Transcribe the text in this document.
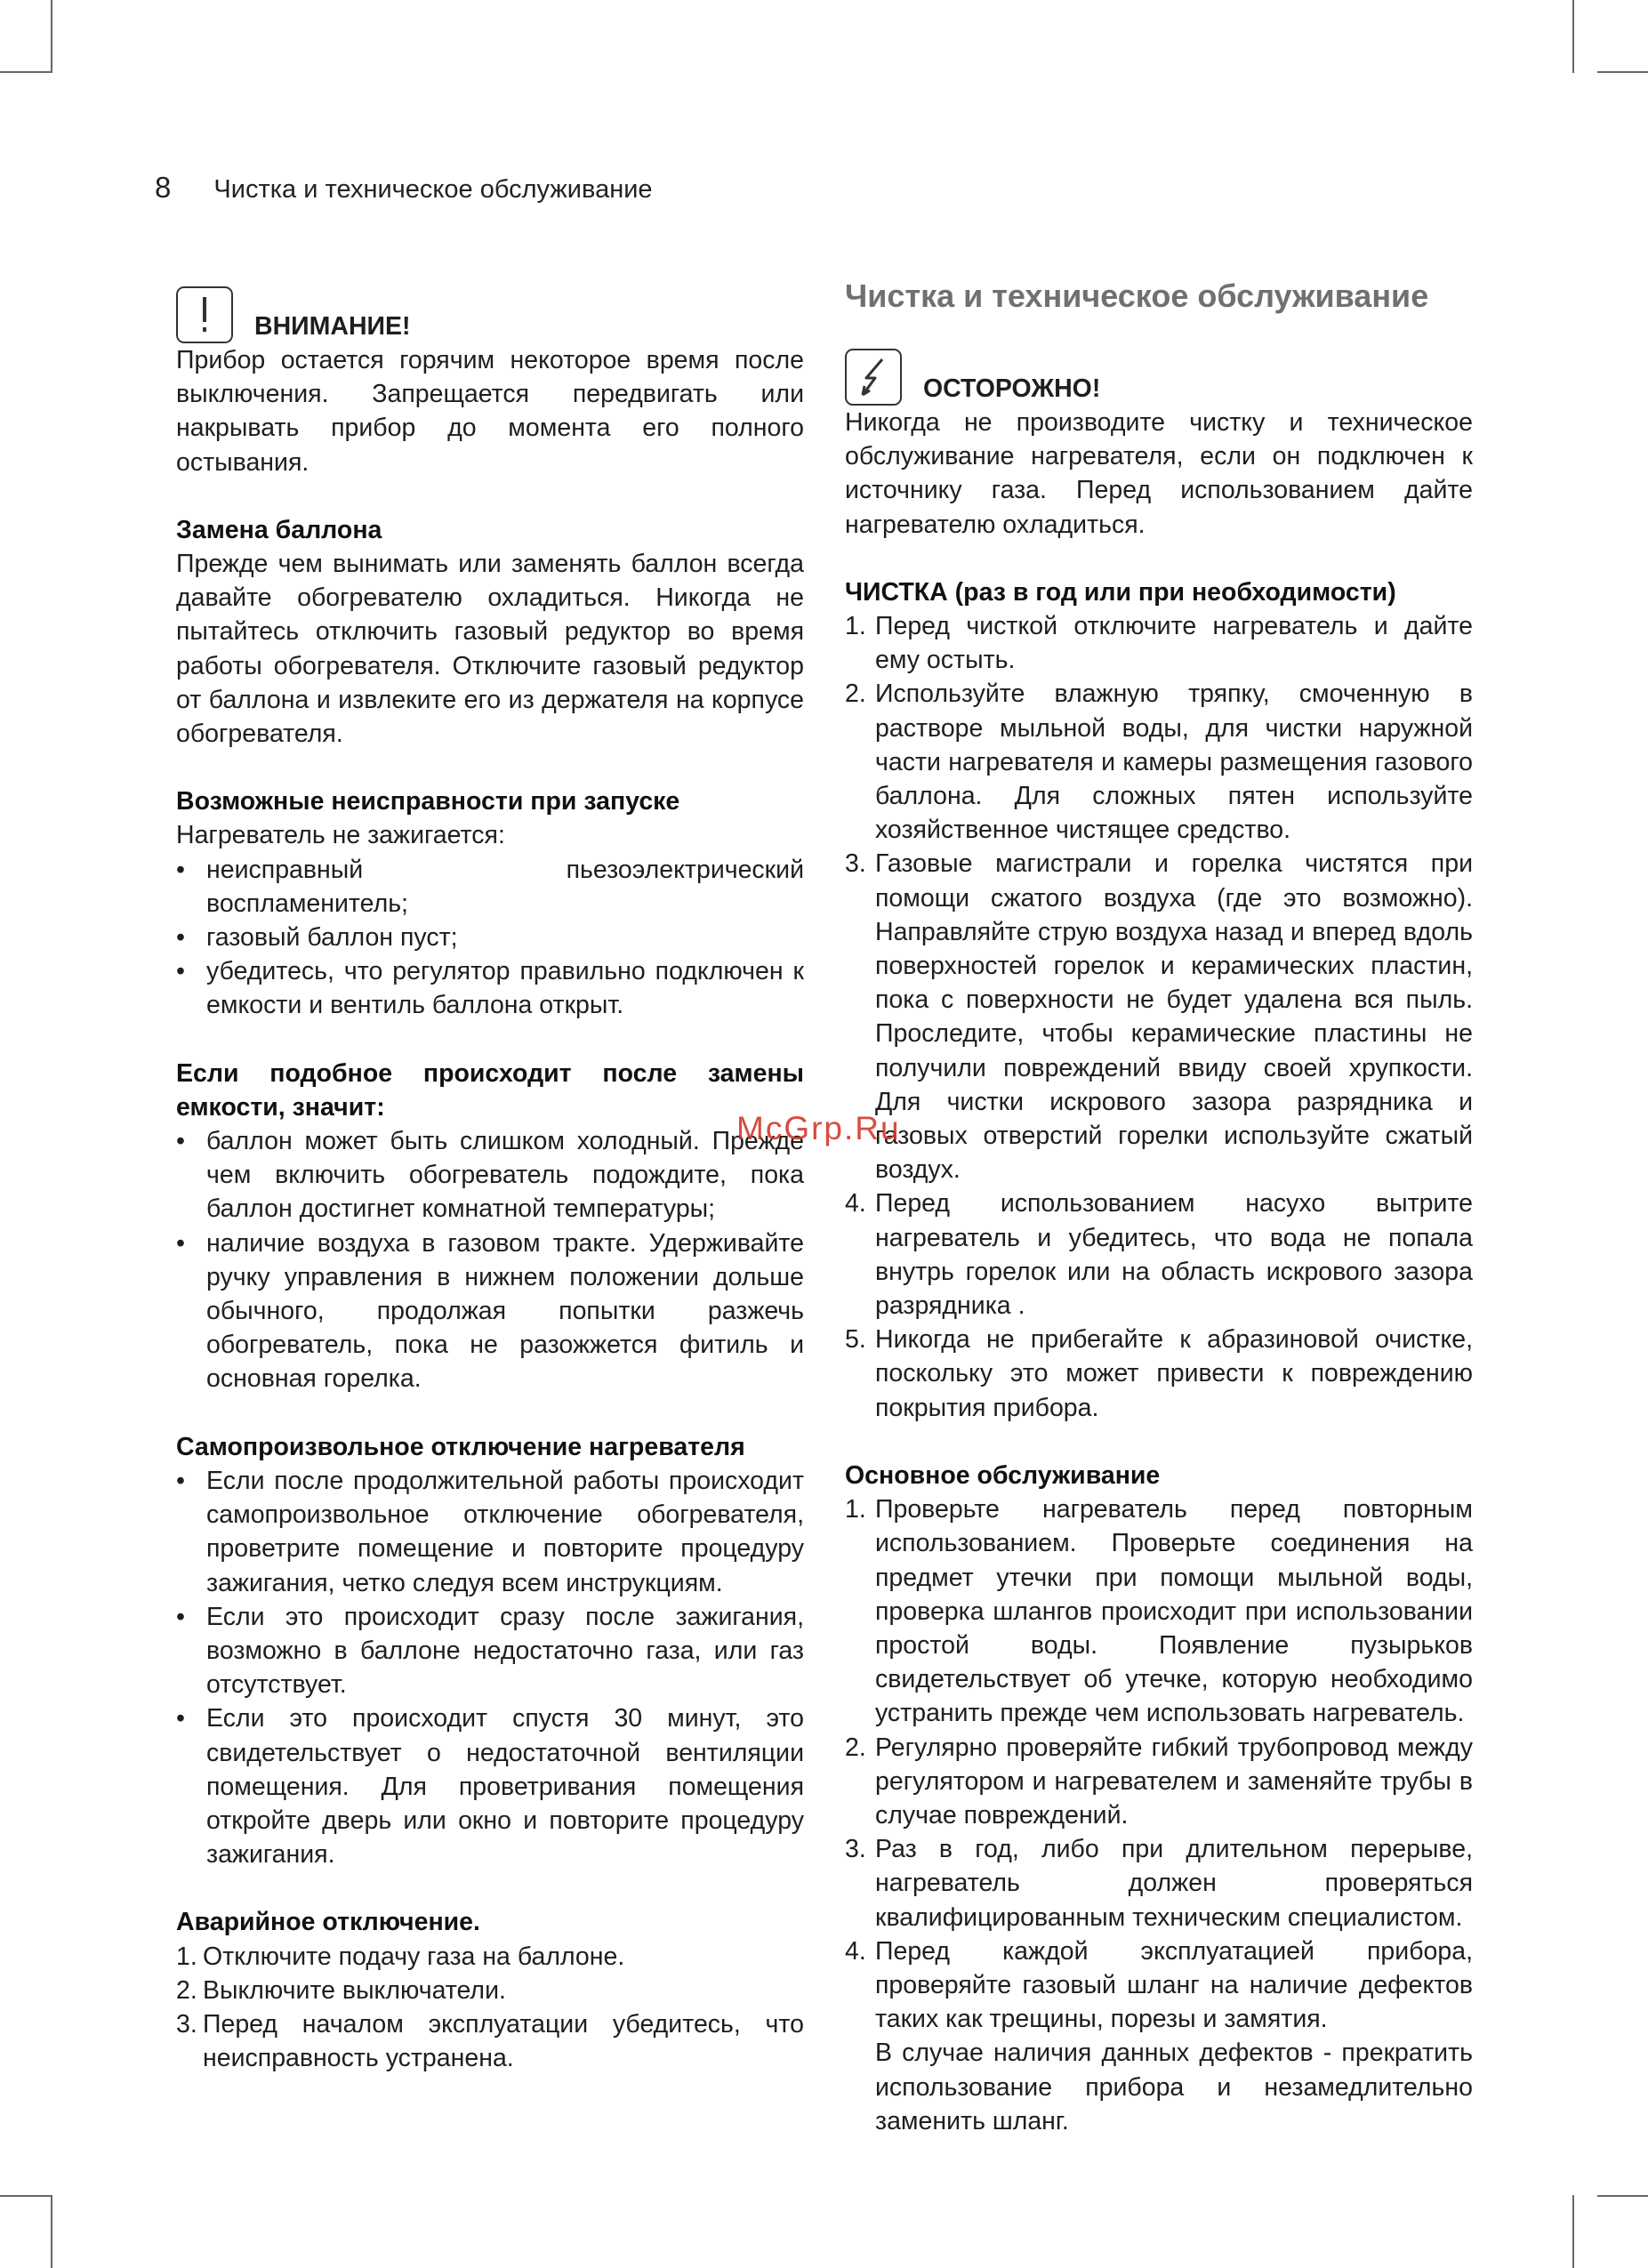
8 Чистка и техническое обслуживание
ВНИМАНИЕ!

Прибор остается горячим некоторое время после выключения. Запрещается передвигать или накрывать прибор до момента его полного остывания.

Замена баллона

Прежде чем вынимать или заменять баллон всегда давайте обогревателю охладиться. Никогда не пытайтесь отключить газовый редуктор во время работы обогревателя. Отключите газовый редуктор от баллона и извлеките его из держателя на корпусе обогревателя.

Возможные неисправности при запуске

Нагреватель не зажигается:

• неисправный пьезоэлектрический воспламенитель;
• газовый баллон пуст;
• убедитесь, что регулятор правильно подключен к емкости и вентиль баллона открыт.

Если подобное происходит после замены емкости, значит:

• баллон может быть слишком холодный. Прежде чем включить обогреватель подождите, пока баллон достигнет комнатной температуры;
• наличие воздуха в газовом тракте. Удерживайте ручку управления в нижнем положении дольше обычного, продолжая попытки разжечь обогреватель, пока не разожжется фитиль и основная горелка.

Самопроизвольное отключение нагревателя

• Если после продолжительной работы происходит самопроизвольное отключение обогревателя, проветрите помещение и повторите процедуру зажигания, четко следуя всем инструкциям.
• Если это происходит сразу после зажигания, возможно в баллоне недостаточно газа, или газ отсутствует.
• Если это происходит спустя 30 минут, это свидетельствует о недостаточной вентиляции помещения. Для проветривания помещения откройте дверь или окно и повторите процедуру зажигания.

Аварийное отключение.

1. Отключите подачу газа на баллоне.
2. Выключите выключатели.
3. Перед началом эксплуатации убедитесь, что неисправность устранена.

Чистка и техническое обслуживание

ОСТОРОЖНО!

Никогда не производите чистку и техническое обслуживание нагревателя, если он подключен к источнику газа. Перед использованием дайте нагревателю охладиться.

ЧИСТКА (раз в год или при необходимости)

1. Перед чисткой отключите нагреватель и дайте ему остыть.
2. Используйте влажную тряпку, смоченную в растворе мыльной воды, для чистки наружной части нагревателя и камеры размещения газового баллона. Для сложных пятен используйте хозяйственное чистящее средство.
3. Газовые магистрали и горелка чистятся при помощи сжатого воздуха (где это возможно). Направляйте струю воздуха назад и вперед вдоль поверхностей горелок и керамических пластин, пока с поверхности не будет удалена вся пыль. Проследите, чтобы керамические пластины не получили повреждений ввиду своей хрупкости. Для чистки искрового зазора разрядника и газовых отверстий горелки используйте сжатый воздух.
4. Перед использованием насухо вытрите нагреватель и убедитесь, что вода не попала внутрь горелок или на область искрового зазора разрядника .
5. Никогда не прибегайте к абразиновой очистке, поскольку это может привести к повреждению покрытия прибора.

Основное обслуживание

1. Проверьте нагреватель перед повторным использованием. Проверьте соединения на предмет утечки при помощи мыльной воды, проверка шлангов происходит при использовании простой воды. Появление пузырьков свидетельствует об утечке, которую необходимо устранить прежде чем использовать нагреватель.
2. Регулярно проверяйте гибкий трубопровод между регулятором и нагревателем и заменяйте трубы в случае повреждений.
3. Раз в год, либо при длительном перерыве, нагреватель должен проверяться квалифицированным техническим специалистом.
4. Перед каждой эксплуатацией прибора, проверяйте газовый шланг на наличие дефектов таких как трещины, порезы и замятия.
В случае наличия данных дефектов - прекратить использование прибора и незамедлительно заменить шланг.
McGrp.Ru
